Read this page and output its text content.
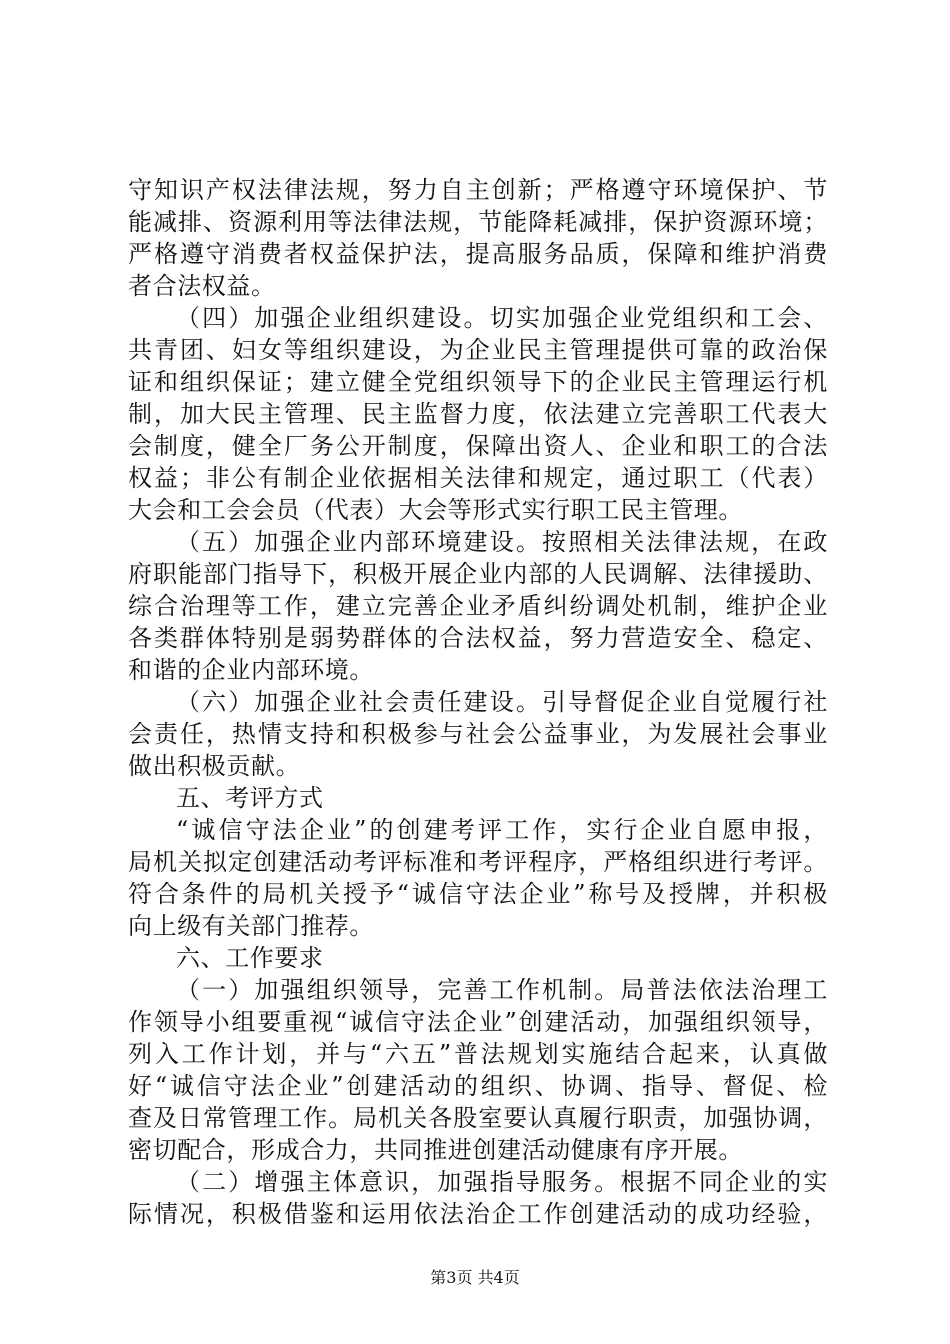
守知识产权法律法规，努力自主创新；严格遵守环境保护、节
能减排、资源利用等法律法规，节能降耗减排，保护资源环境；
严格遵守消费者权益保护法，提高服务品质，保障和维护消费
者合法权益。
（四）加强企业组织建设。切实加强企业党组织和工会、
共青团、妇女等组织建设，为企业民主管理提供可靠的政治保
证和组织保证；建立健全党组织领导下的企业民主管理运行机
制，加大民主管理、民主监督力度，依法建立完善职工代表大
会制度，健全厂务公开制度，保障出资人、企业和职工的合法
权益；非公有制企业依据相关法律和规定，通过职工（代表）
大会和工会会员（代表）大会等形式实行职工民主管理。
（五）加强企业内部环境建设。按照相关法律法规，在政
府职能部门指导下，积极开展企业内部的人民调解、法律援助、
综合治理等工作，建立完善企业矛盾纠纷调处机制，维护企业
各类群体特别是弱势群体的合法权益，努力营造安全、稳定、
和谐的企业内部环境。
（六）加强企业社会责任建设。引导督促企业自觉履行社
会责任，热情支持和积极参与社会公益事业，为发展社会事业
做出积极贡献。
五、考评方式
“诚信守法企业”的创建考评工作，实行企业自愿申报，
局机关拟定创建活动考评标准和考评程序，严格组织进行考评。
符合条件的局机关授予“诚信守法企业”称号及授牌，并积极
向上级有关部门推荐。
六、工作要求
（一）加强组织领导，完善工作机制。局普法依法治理工
作领导小组要重视“诚信守法企业”创建活动，加强组织领导，
列入工作计划，并与“六五”普法规划实施结合起来，认真做
好“诚信守法企业”创建活动的组织、协调、指导、督促、检
查及日常管理工作。局机关各股室要认真履行职责，加强协调，
密切配合，形成合力，共同推进创建活动健康有序开展。
（二）增强主体意识，加强指导服务。根据不同企业的实
际情况，积极借鉴和运用依法治企工作创建活动的成功经验，
第3页 共4页
